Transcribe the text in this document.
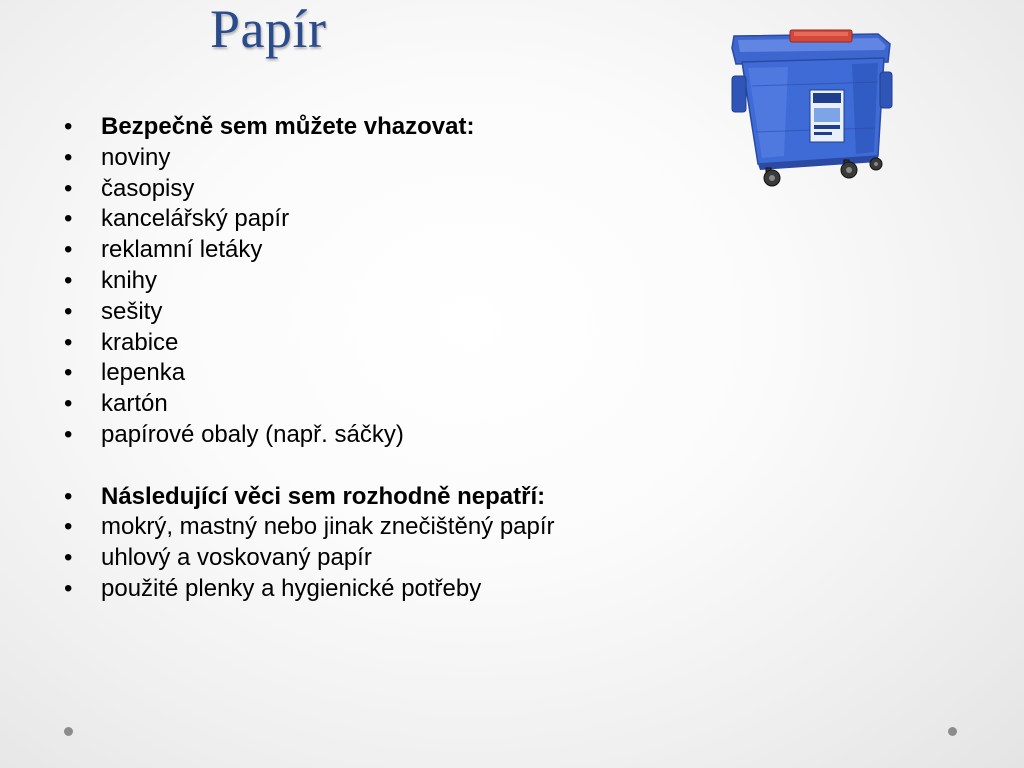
Papír
•	Bezpečně sem můžete vhazovat:
•	noviny
•	časopisy
•	kancelářský papír
•	reklamní letáky
•	knihy
•	sešity
•	krabice
•	lepenka
•	kartón
•	papírové obaly (např. sáčky)
•	Následující věci sem rozhodně nepatří:
•	mokrý, mastný nebo jinak znečištěný papír
•	uhlový a voskovaný papír
•	použité plenky a hygienické potřeby
